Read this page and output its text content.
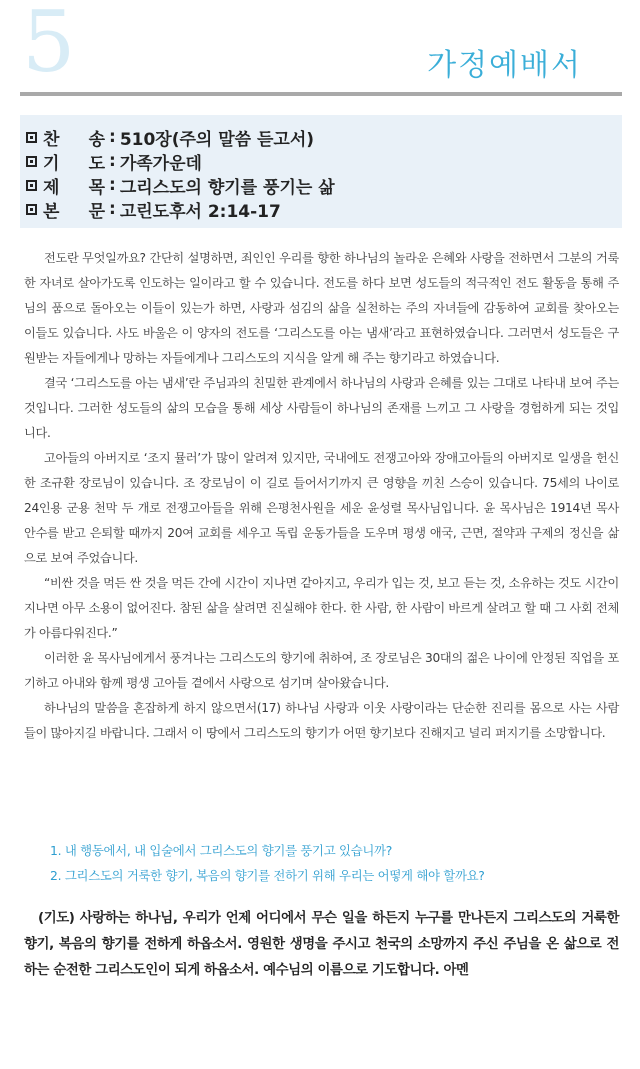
5	가정예배서
찬 송 : 510장(주의 말씀 듣고서)
기 도 : 가족가운데
제 목 : 그리스도의 향기를 풍기는 삶
본 문 : 고린도후서 2:14-17

전도란 무엇일까요? 간단히 설명하면, 죄인인 우리를 향한 하나님의 놀라운 은혜와 사랑을 전하면서 그분의 거룩한 자녀로 살아가도록 인도하는 일이라고 할 수 있습니다. 전도를 하다 보면 성도들의 적극적인 전도 활동을 통해 주님의 품으로 돌아오는 이들이 있는가 하면, 사랑과 섬김의 삶을 실천하는 주의 자녀들에 감동하여 교회를 찾아오는 이들도 있습니다. 사도 바울은 이 양자의 전도를 ‘그리스도를 아는 냄새’라고 표현하였습니다. 그러면서 성도들은 구원받는 자들에게나 망하는 자들에게나 그리스도의 지식을 알게 해 주는 향기라고 하였습니다.

결국 ‘그리스도를 아는 냄새’란 주님과의 친밀한 관계에서 하나님의 사랑과 은혜를 있는 그대로 나타내 보여 주는 것입니다. 그러한 성도들의 삶의 모습을 통해 세상 사람들이 하나님의 존재를 느끼고 그 사랑을 경험하게 되는 것입니다.

고아들의 아버지로 ‘조지 뮬러’가 많이 알려져 있지만, 국내에도 전쟁고아와 장애고아들의 아버지로 일생을 헌신한 조규환 장로님이 있습니다. 조 장로님이 이 길로 들어서기까지 큰 영향을 끼친 스승이 있습니다. 75세의 나이로 24인용 군용 천막 두 개로 전쟁고아들을 위해 은평천사원을 세운 윤성렬 목사님입니다. 윤 목사님은 1914년 목사 안수를 받고 은퇴할 때까지 20여 교회를 세우고 독립 운동가들을 도우며 평생 애국, 근면, 절약과 구제의 정신을 삶으로 보여 주었습니다.

“비싼 것을 먹든 싼 것을 먹든 간에 시간이 지나면 같아지고, 우리가 입는 것, 보고 듣는 것, 소유하는 것도 시간이 지나면 아무 소용이 없어진다. 참된 삶을 살려면 진실해야 한다. 한 사람, 한 사람이 바르게 살려고 할 때 그 사회 전체가 아름다워진다.”

이러한 윤 목사님에게서 풍겨나는 그리스도의 향기에 취하여, 조 장로님은 30대의 젊은 나이에 안정된 직업을 포기하고 아내와 함께 평생 고아들 곁에서 사랑으로 섬기며 살아왔습니다.

하나님의 말씀을 혼잡하게 하지 않으면서(17) 하나님 사랑과 이웃 사랑이라는 단순한 진리를 몸으로 사는 사람들이 많아지길 바랍니다. 그래서 이 땅에서 그리스도의 향기가 어떤 향기보다 진해지고 널리 퍼지기를 소망합니다.

1. 내 행동에서, 내 입술에서 그리스도의 향기를 풍기고 있습니까?
2. 그리스도의 거룩한 향기, 복음의 향기를 전하기 위해 우리는 어떻게 해야 할까요?

(기도) 사랑하는 하나님, 우리가 언제 어디에서 무슨 일을 하든지 누구를 만나든지 그리스도의 거룩한 향기, 복음의 향기를 전하게 하옵소서. 영원한 생명을 주시고 천국의 소망까지 주신 주님을 온 삶으로 전하는 순전한 그리스도인이 되게 하옵소서. 예수님의 이름으로 기도합니다. 아멘
